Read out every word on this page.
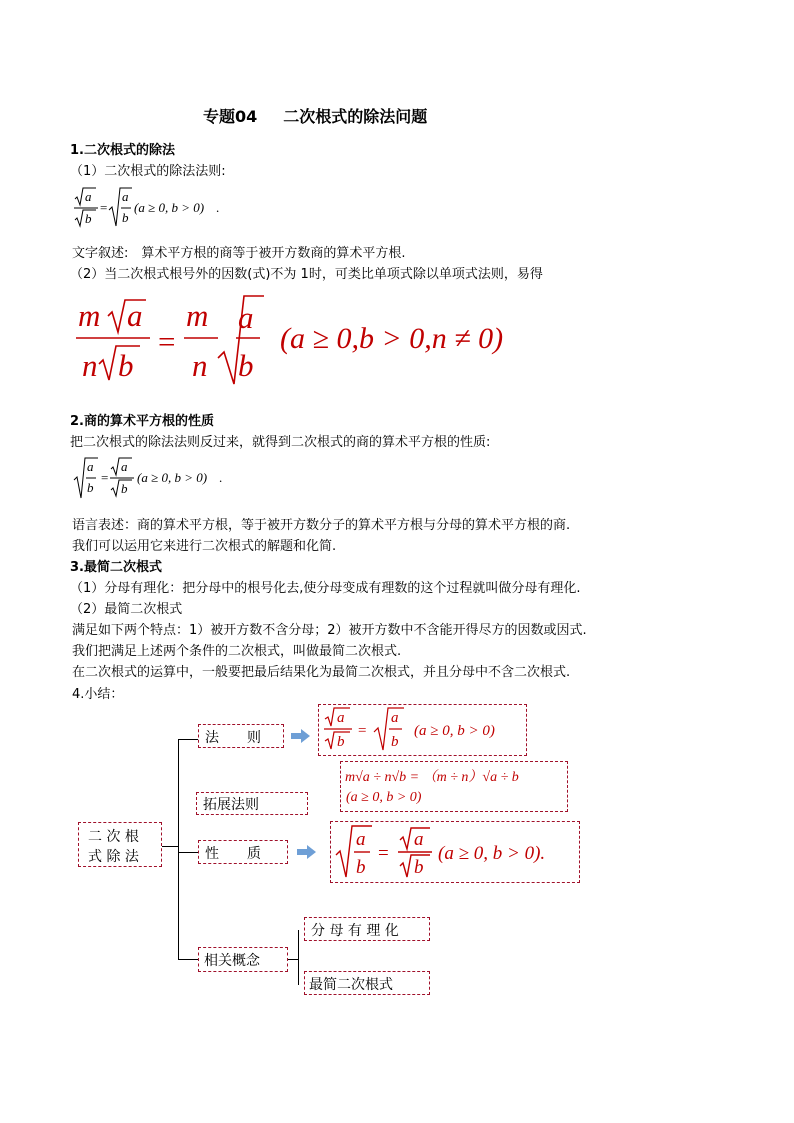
专题04 二次根式的除法问题
1.二次根式的除法
（1）二次根式的除法法则:
a
b
=
a
b
(a ≥ 0, b > 0) .
文字叙述:  算术平方根的商等于被开方数商的算术平方根.
（2）当二次根式根号外的因数(式)不为 1时，可类比单项式除以单项式法则，易得
m a
n b
=
m
n
a
b
(a ≥ 0,b > 0,n ≠ 0)
2.商的算术平方根的性质
把二次根式的除法法则反过来，就得到二次根式的商的算术平方根的性质:
a
b
=
a
b
(a ≥ 0, b > 0) .
语言表述：商的算术平方根，等于被开方数分子的算术平方根与分母的算术平方根的商.
我们可以运用它来进行二次根式的解题和化简.
3.最简二次根式
（1）分母有理化：把分母中的根号化去,使分母变成有理数的这个过程就叫做分母有理化.
（2）最简二次根式
满足如下两个特点：1）被开方数不含分母；2）被开方数中不含能开得尽方的因数或因式.
我们把满足上述两个条件的二次根式，叫做最简二次根式.
在二次根式的运算中，一般要把最后结果化为最简二次根式，并且分母中不含二次根式.
4.小结：
二 次 根
式 除 法
法　　则
拓展法则
性　　质
相关概念
分 母 有 理 化
最简二次根式
a
b
=
a
b
(a ≥ 0, b > 0)
m√a ÷ n√b = （m ÷ n）√a ÷ b
(a ≥ 0, b > 0)
a
b
=
a
b
(a ≥ 0, b > 0).
